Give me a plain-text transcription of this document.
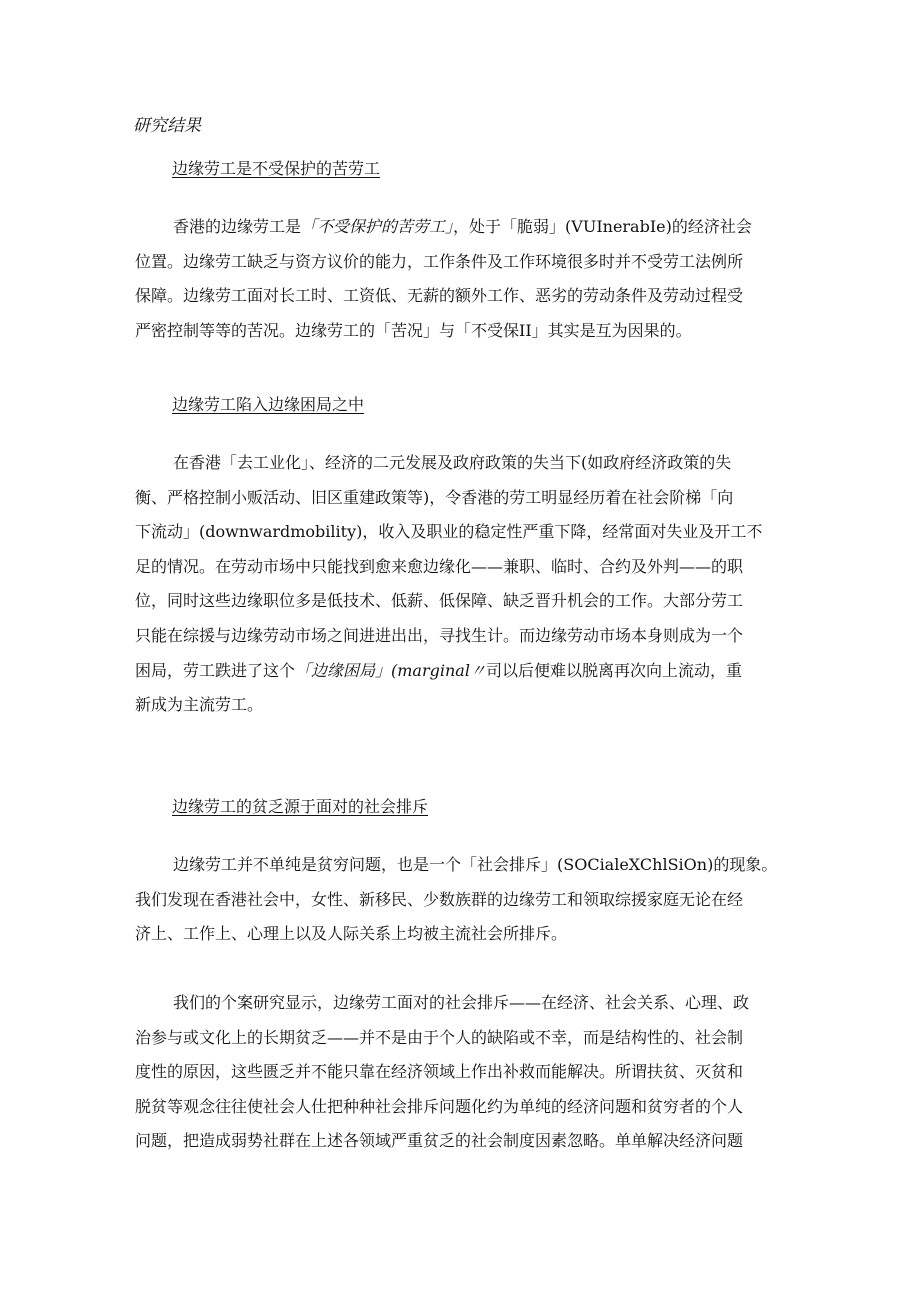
研究结果
边缘劳工是不受保护的苦劳工

香港的边缘劳工是「不受保护的苦劳工」，处于「脆弱」(VUInerabIe)的经济社会
位置。边缘劳工缺乏与资方议价的能力，工作条件及工作环境很多时并不受劳工法例所
保障。边缘劳工面对长工时、工资低、无薪的额外工作、恶劣的劳动条件及劳动过程受
严密控制等等的苦况。边缘劳工的「苦况」与「不受保II」其实是互为因果的。

边缘劳工陷入边缘困局之中

在香港「去工业化」、经济的二元发展及政府政策的失当下(如政府经济政策的失
衡、严格控制小贩活动、旧区重建政策等)，令香港的劳工明显经历着在社会阶梯「向
下流动」(downwardmobility)，收入及职业的稳定性严重下降，经常面对失业及开工不
足的情况。在劳动市场中只能找到愈来愈边缘化——兼职、临时、合约及外判——的职
位，同时这些边缘职位多是低技术、低薪、低保障、缺乏晋升机会的工作。大部分劳工
只能在综援与边缘劳动市场之间进进出出，寻找生计。而边缘劳动市场本身则成为一个
困局，劳工跌进了这个「边缘困局」(marginal〃司以后便难以脱离再次向上流动，重
新成为主流劳工。

边缘劳工的贫乏源于面对的社会排斥

边缘劳工并不单纯是贫穷问题，也是一个「社会排斥」(SOCialeXChlSiOn)的现象。
我们发现在香港社会中，女性、新移民、少数族群的边缘劳工和领取综援家庭无论在经
济上、工作上、心理上以及人际关系上均被主流社会所排斥。

我们的个案研究显示，边缘劳工面对的社会排斥——在经济、社会关系、心理、政
治参与或文化上的长期贫乏——并不是由于个人的缺陷或不幸，而是结构性的、社会制
度性的原因，这些匮乏并不能只靠在经济领域上作出补救而能解决。所谓扶贫、灭贫和
脱贫等观念往往使社会人仕把种种社会排斥问题化约为单纯的经济问题和贫穷者的个人
问题，把造成弱势社群在上述各领域严重贫乏的社会制度因素忽略。单单解决经济问题
